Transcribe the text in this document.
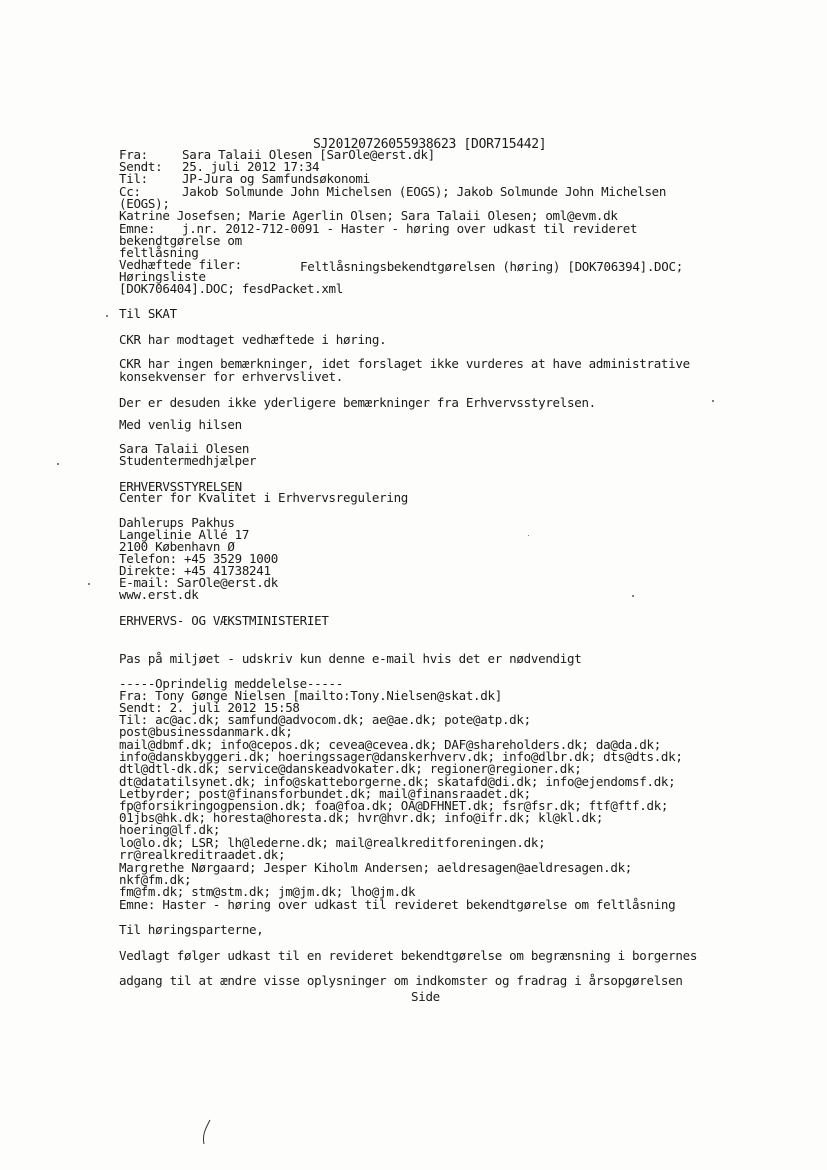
SJ2012072605593862З [DOR715442]
Fra:	Sara Talaii Olesen [SarOle@erst.dk]
Sendt: 25. juli 2012 17:34
Til:	JP-Jura og Samfundsøkonomi
Cc:	Jakob Solmunde John Michelsen (EOGS); Jakob Solmunde John Michelsen
(EOGS);
Katrine Josefsen; Marie Agerlin Olsen; Sara Talaii Olesen; oml@evm.dk
Emne: j.nr. 2012-712-0091 - Haster - høring over udkast til revideret
bekendtgørelse om
feltlåsning
Vedhæftede filer:	Feltlåsningsbekendtgørelsen (høring) [DOK706394].DOC;
Høringsliste
[DOK706404].DOC; fesdPacket.xml
Til SKAT
CKR har modtaget vedhæftede i høring.
CKR har ingen bemærkninger, idet forslaget ikke vurderes at have administrative
konsekvenser for erhvervslivet.
Der er desuden ikke yderligere bemærkninger fra Erhvervsstyrelsen.
Med venlig hilsen
Sara Talaii Olesen
Studentermedhjælper
ERHVERVSSTYRELSEN
Center for Kvalitet i Erhvervsregulering
Dahlerups Pakhus
Langelinie Allé 17
2100 København Ø
Telefon: +45 3529 1000
Direkte: +45 41738241
E-mail: SarOle@erst.dk
www.erst.dk
ERHVERVS- OG VÆKSTMINISTERIET
Pas på miljøet - udskriv kun denne e-mail hvis det er nødvendigt
-----Oprindelig meddelelse-----
Fra: Tony Gønge Nielsen [mailto:Tony.Nielsen@skat.dk]
Sendt: 2. juli 2012 15:58
Til: ac@ac.dk; samfund@advocom.dk; ae@ae.dk; pote@atp.dk;
post@businessdanmark.dk;
mail@dbmf.dk; info@cepos.dk; cevea@cevea.dk; DAF@shareholders.dk; da@da.dk;
info@danskbyggeri.dk; hoeringssager@danskerhverv.dk; info@dlbr.dk; dts@dts.dk;
dtl@dtl-dk.dk; service@danskeadvokater.dk; regioner@regioner.dk;
dt@datatilsynet.dk; info@skatteborgerne.dk; skatafd@di.dk; info@ejendomsf.dk;
Letbyrder; post@finansforbundet.dk; mail@finansraadet.dk;
fp@forsikringogpension.dk; foa@foa.dk; OA@DFHNET.dk; fsr@fsr.dk; ftf@ftf.dk;
01jbs@hk.dk; horesta@horesta.dk; hvr@hvr.dk; info@ifr.dk; kl@kl.dk;
hoering@lf.dk;
lo@lo.dk; LSR; lh@lederne.dk; mail@realkreditforeningen.dk;
rr@realkreditraadet.dk;
Margrethe Nørgaard; Jesper Kiholm Andersen; aeldresagen@aeldresagen.dk;
nkf@fm.dk;
fm@fm.dk; stm@stm.dk; jm@jm.dk; lho@jm.dk
Emne: Haster - høring over udkast til revideret bekendtgørelse om feltlåsning
Til høringsparterne,
Vedlagt følger udkast til en revideret bekendtgørelse om begrænsning i borgernes
adgang til at ændre visse oplysninger om indkomster og fradrag i årsopgørelsen
Side
